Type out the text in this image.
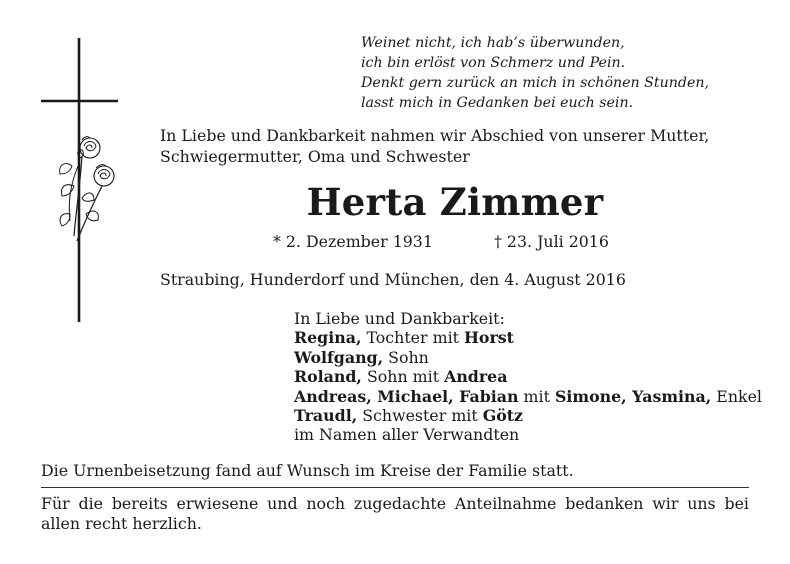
Weinet nicht, ich hab’s überwunden,
ich bin erlöst von Schmerz und Pein.
Denkt gern zurück an mich in schönen Stunden,
lasst mich in Gedanken bei euch sein.
In Liebe und Dankbarkeit nahmen wir Abschied von unserer Mutter,
Schwiegermutter, Oma und Schwester
Herta Zimmer
* 2. Dezember 1931	† 23. Juli 2016
Straubing, Hunderdorf und München, den 4. August 2016
In Liebe und Dankbarkeit:
Regina, Tochter mit Horst
Wolfgang, Sohn
Roland, Sohn mit Andrea
Andreas, Michael, Fabian mit Simone, Yasmina, Enkel
Traudl, Schwester mit Götz
im Namen aller Verwandten
Die Urnenbeisetzung fand auf Wunsch im Kreise der Familie statt.
Für die bereits erwiesene und noch zugedachte Anteilnahme bedanken wir uns bei allen recht herzlich.
